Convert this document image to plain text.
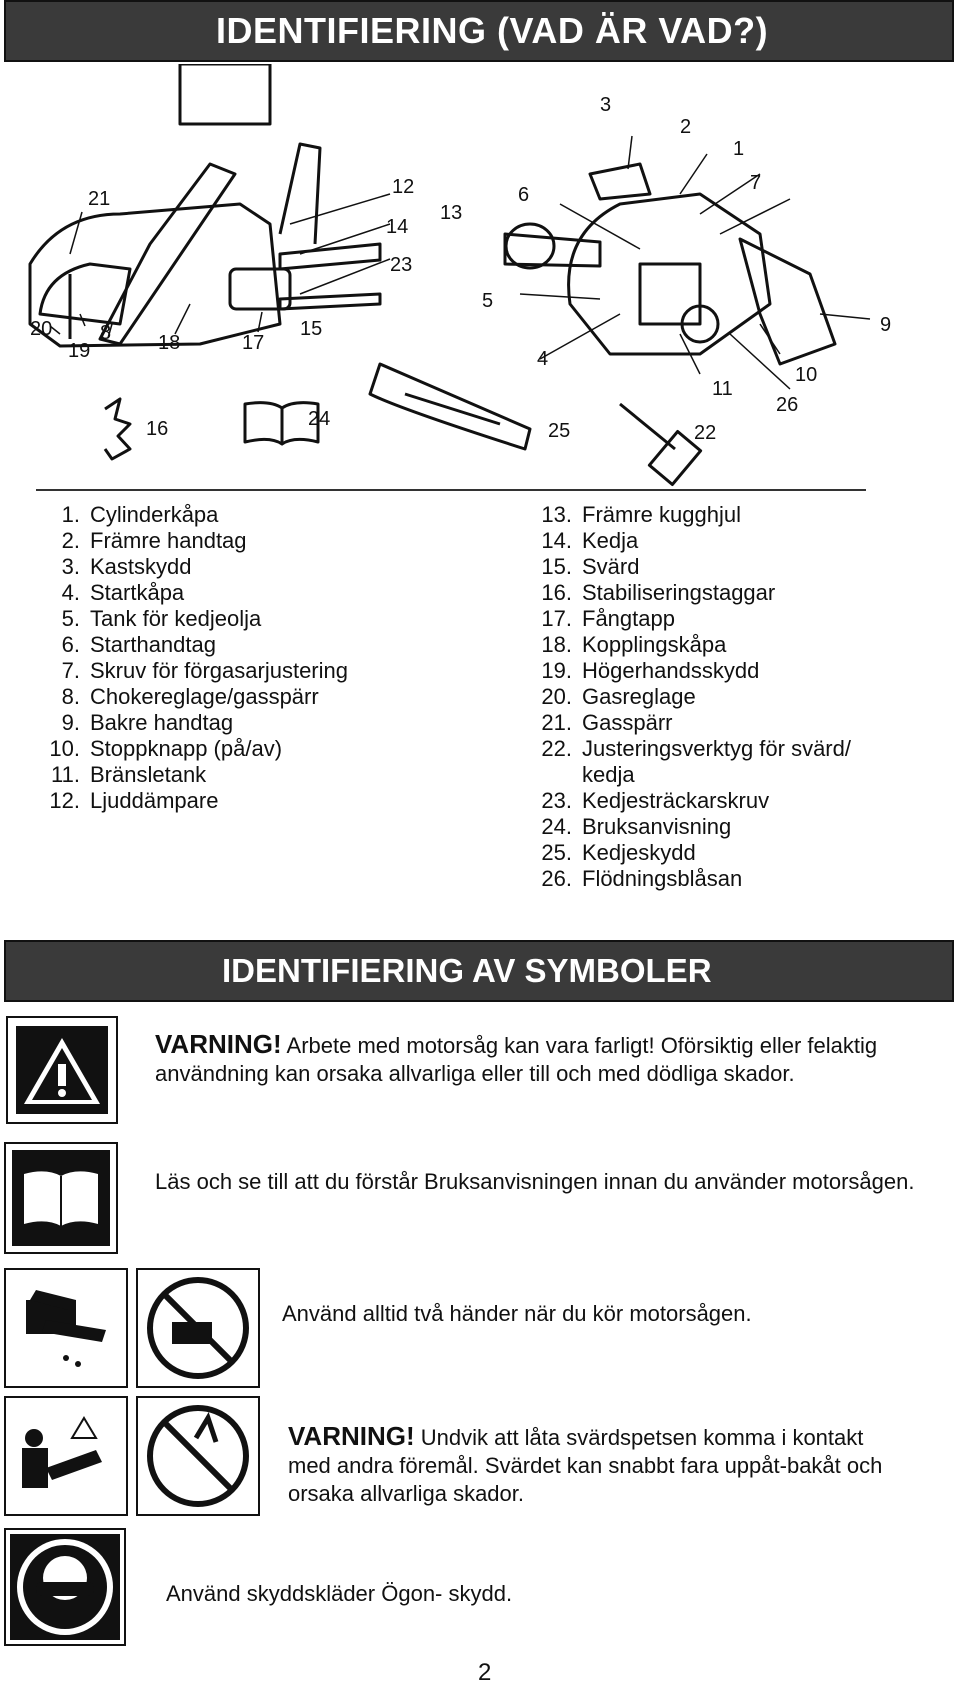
IDENTIFIERING (VAD ÄR VAD?)
3
2
1
7
6
13
12
14
23
21
5
9
20 8
19	18	17
15
4
10
11
26
16	24
25	22
1. Cylinderkåpa
2. Främre handtag
3. Kastskydd
4. Startkåpa
5. Tank för kedjeolja
6. Starthandtag
7. Skruv för förgasarjustering
8. Chokereglage/gasspärr
9. Bakre handtag
10. Stoppknapp (på/av)
11. Bränsletank
12. Ljuddämpare
13. Främre kugghjul
14. Kedja
15. Svärd
16. Stabiliseringstaggar
17. Fångtapp
18. Kopplingskåpa
19. Högerhandsskydd
20. Gasreglage
21. Gasspärr
22. Justeringsverktyg för svärd/ kedja
23. Kedjesträckarskruv
24. Bruksanvisning
25. Kedjeskydd
26. Flödningsblåsan
IDENTIFIERING AV SYMBOLER
VARNING! Arbete med motorsåg kan vara farligt! Oförsiktig eller felaktig användning kan orsaka allvarliga eller till och med dödliga skador.
Läs och se till att du förstår Bruksanvisningen innan du använder motorsågen.
Använd alltid två händer när du kör motorsågen.
VARNING! Undvik att låta svärdspetsen komma i kontakt med andra föremål. Svärdet kan snabbt fara uppåt-bakåt och orsaka allvarliga skador.
Använd skyddskläder Ögon- skydd.
2
